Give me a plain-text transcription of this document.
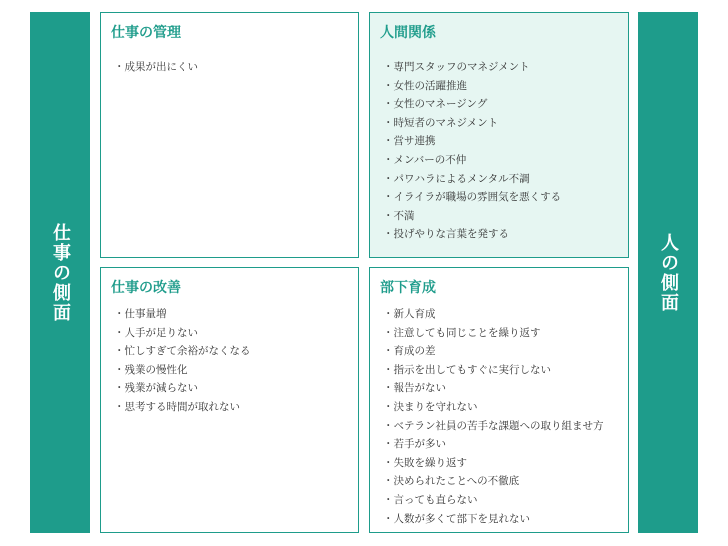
仕事の側面
仕事の管理
・ 成果が出にくい
人間関係
・ 専門スタッフのマネジメント
・ 女性の活躍推進
・ 女性のマネージング
・ 時短者のマネジメント
・ 営サ連携
・ メンバーの不仲
・ パワハラによるメンタル不調
・ イライラが職場の雰囲気を悪くする
・ 不満
・ 投げやりな言葉を発する
仕事の改善
・ 仕事量増
・ 人手が足りない
・ 忙しすぎて余裕がなくなる
・ 残業の慢性化
・ 残業が減らない
・ 思考する時間が取れない
部下育成
・ 新人育成
・ 注意しても同じことを繰り返す
・ 育成の差
・ 指示を出してもすぐに実行しない
・ 報告がない
・ 決まりを守れない
・ ベテラン社員の苦手な課題への取り組ませ方
・ 若手が多い
・ 失敗を繰り返す
・ 決められたことへの不徹底
・ 言っても直らない
・ 人数が多くて部下を見れない
人の側面
